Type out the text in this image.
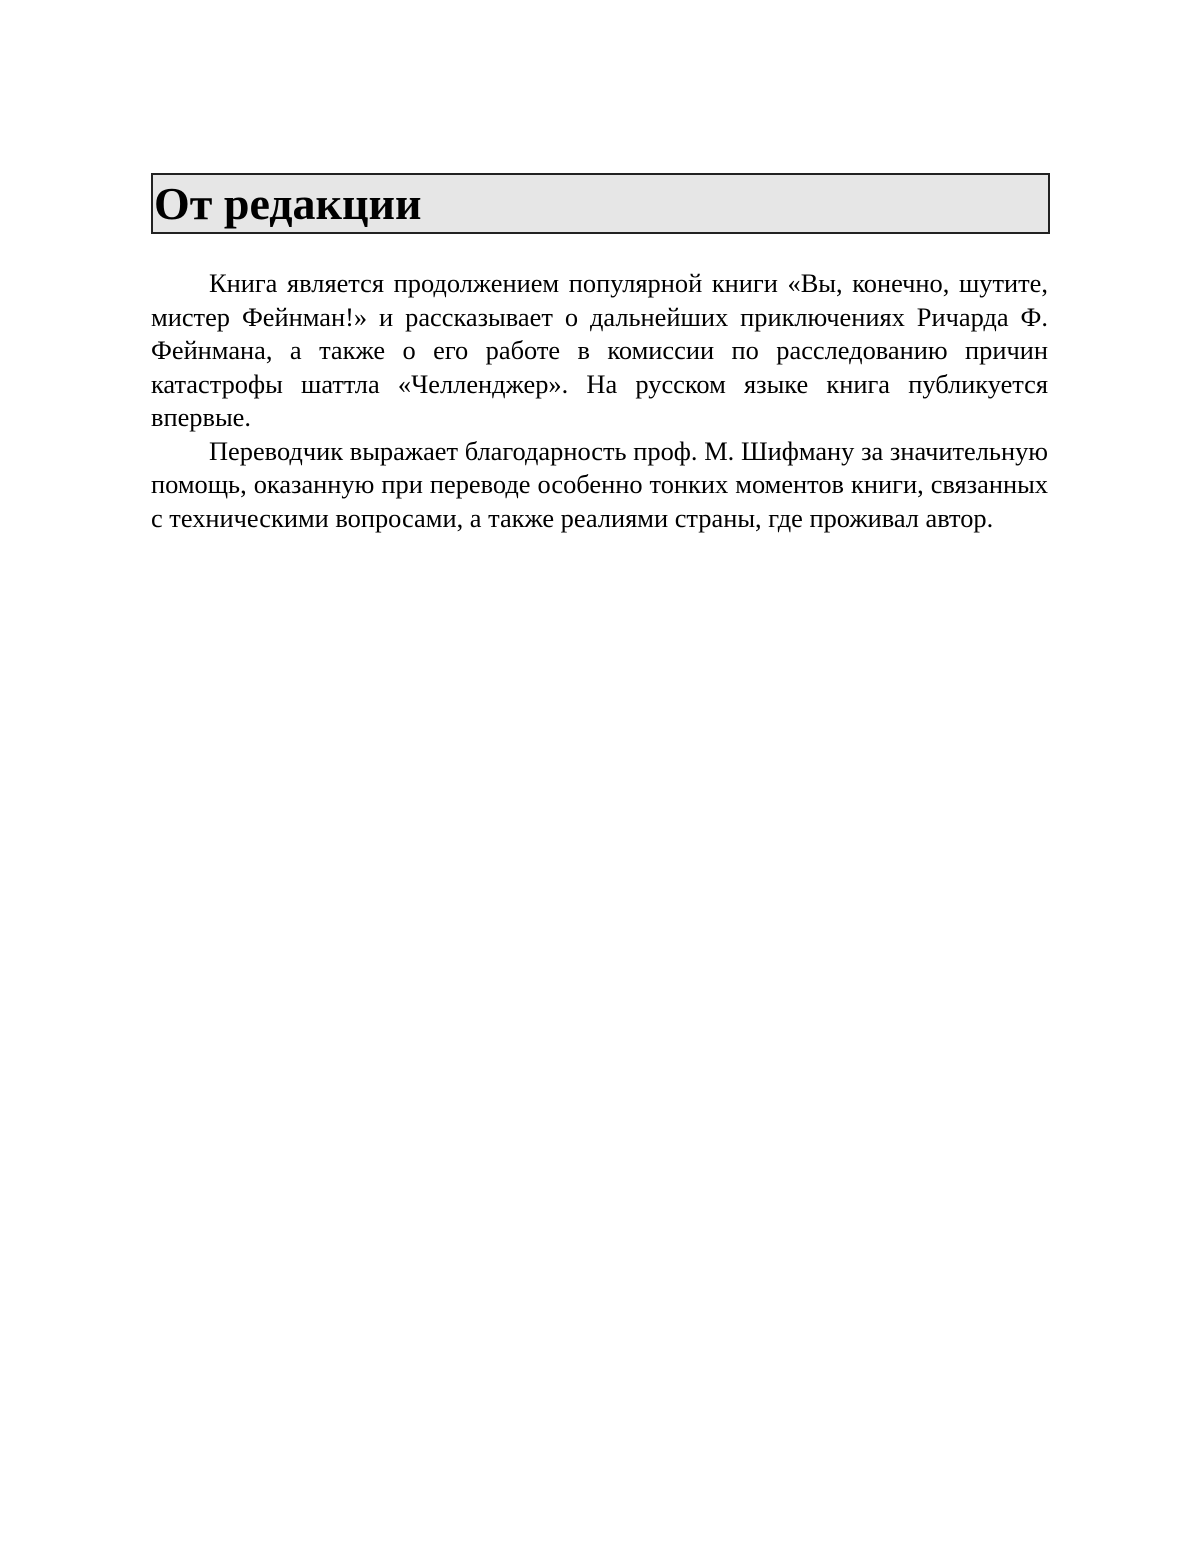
От редакции

Книга является продолжением популярной книги «Вы, конечно, шутите, мистер Фейнман!» и рассказывает о дальнейших приключениях Ричарда Ф. Фейнмана, а также о его работе в комиссии по расследованию причин катастрофы шаттла «Челленджер». На русском языке книга публикуется впервые.

Переводчик выражает благодарность проф. М. Шифману за значительную помощь, оказанную при переводе особенно тонких моментов книги, связанных с техническими вопросами, а также реалиями страны, где проживал автор.
